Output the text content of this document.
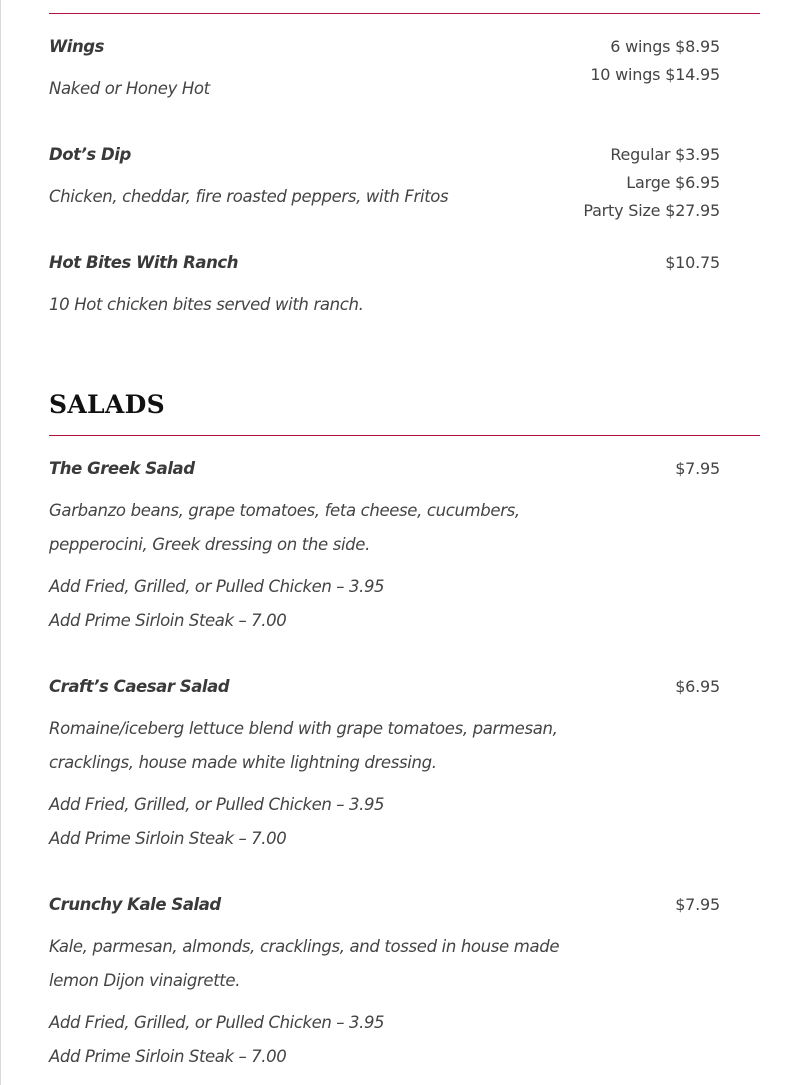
Wings

Naked or Honey Hot

6 wings $8.95
10 wings $14.95
Dot’s Dip

Chicken, cheddar, fire roasted peppers, with Fritos

Regular $3.95
Large $6.95
Party Size $27.95
Hot Bites With Ranch

10 Hot chicken bites served with ranch.

$10.75
SALADS
The Greek Salad

Garbanzo beans, grape tomatoes, feta cheese, cucumbers,

pepperocini, Greek dressing on the side.

Add Fried, Grilled, or Pulled Chicken – 3.95
Add Prime Sirloin Steak – 7.00
$7.95
Craft’s Caesar Salad

Romaine/iceberg lettuce blend with grape tomatoes, parmesan,

cracklings, house made white lightning dressing.

Add Fried, Grilled, or Pulled Chicken – 3.95
Add Prime Sirloin Steak – 7.00
$6.95
Crunchy Kale Salad

Kale, parmesan, almonds, cracklings, and tossed in house made

lemon Dijon vinaigrette.

Add Fried, Grilled, or Pulled Chicken – 3.95
Add Prime Sirloin Steak – 7.00
$7.95
